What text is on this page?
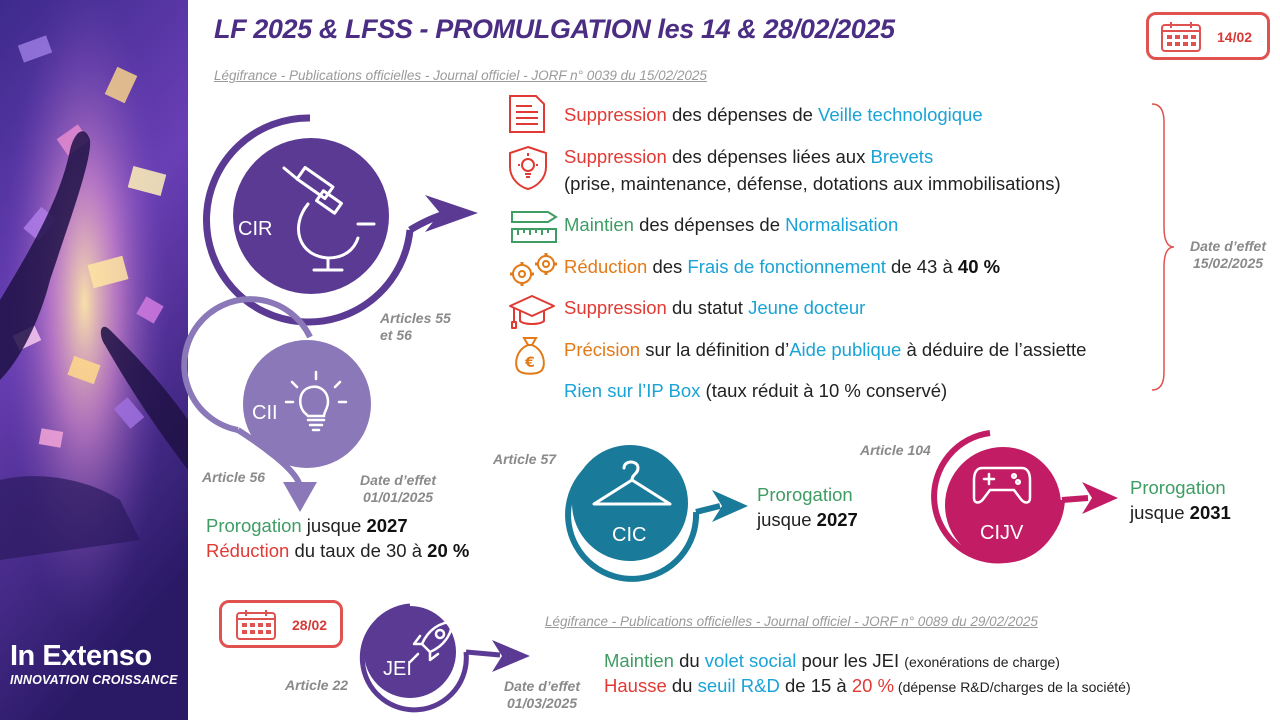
In Extenso
INNOVATION CROISSANCE
LF 2025 & LFSS - PROMULGATION les 14 & 28/02/2025
Légifrance - Publications officielles - Journal officiel - JORF n° 0039 du 15/02/2025
14/02
Date d’effet
15/02/2025
CIR
CII
CIC	CIJV
JEI
Articles 55
et 56
€
Suppression des dépenses de Veille technologique
Suppression des dépenses liées aux Brevets
(prise, maintenance, défense, dotations aux immobilisations)
Maintien des dépenses de Normalisation
Réduction des Frais de fonctionnement de 43 à 40 %
Suppression du statut Jeune docteur
Précision sur la définition d’Aide publique à déduire de l’assiette
Rien sur l’IP Box (taux réduit à 10 % conservé)
Article 56	Date d’effet
01/01/2025
Prorogation jusque 2027
Réduction du taux de 30 à 20 %
Article 57
Prorogation
jusque 2027
Article 104
Prorogation
jusque 2031
28/02
Article 22	Date d’effet
01/03/2025
Légifrance - Publications officielles - Journal officiel - JORF n° 0089 du 29/02/2025
Maintien du volet social pour les JEI (exonérations de charge)
Hausse du seuil R&D de 15 à 20 % (dépense R&D/charges de la société)
